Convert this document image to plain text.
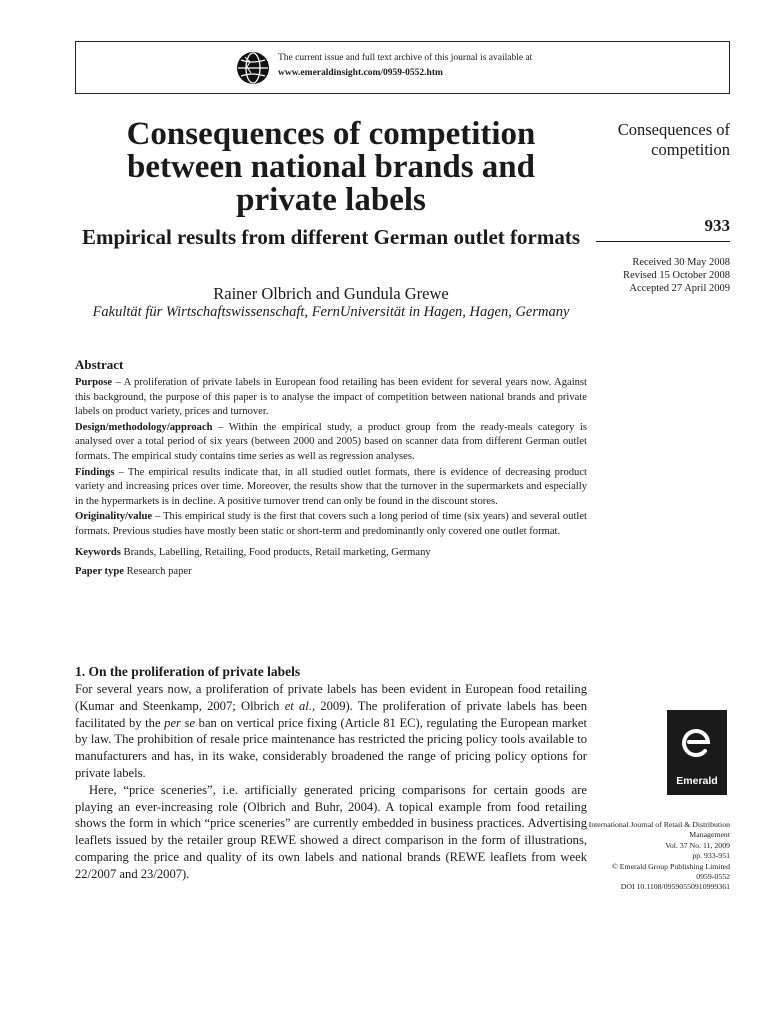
The current issue and full text archive of this journal is available at
www.emeraldinsight.com/0959-0552.htm
Consequences of competition between national brands and private labels
Empirical results from different German outlet formats
Rainer Olbrich and Gundula Grewe
Fakultät für Wirtschaftswissenschaft, FernUniversität in Hagen, Hagen, Germany
Consequences of competition
933
Received 30 May 2008
Revised 15 October 2008
Accepted 27 April 2009
Abstract

Purpose – A proliferation of private labels in European food retailing has been evident for several years now. Against this background, the purpose of this paper is to analyse the impact of competition between national brands and private labels on product variety, prices and turnover.

Design/methodology/approach – Within the empirical study, a product group from the ready-meals category is analysed over a total period of six years (between 2000 and 2005) based on scanner data from different German outlet formats. The empirical study contains time series as well as regression analyses.

Findings – The empirical results indicate that, in all studied outlet formats, there is evidence of decreasing product variety and increasing prices over time. Moreover, the results show that the turnover in the supermarkets and especially in the hypermarkets is in decline. A positive turnover trend can only be found in the discount stores.

Originality/value – This empirical study is the first that covers such a long period of time (six years) and several outlet formats. Previous studies have mostly been static or short-term and predominantly only covered one outlet format.

Keywords Brands, Labelling, Retailing, Food products, Retail marketing, Germany

Paper type Research paper

1. On the proliferation of private labels

For several years now, a proliferation of private labels has been evident in European food retailing (Kumar and Steenkamp, 2007; Olbrich et al., 2009). The proliferation of private labels has been facilitated by the per se ban on vertical price fixing (Article 81 EC), regulating the European market by law. The prohibition of resale price maintenance has restricted the pricing policy tools available to manufacturers and has, in its wake, considerably broadened the range of pricing policy options for private labels.

Here, “price sceneries”, i.e. artificially generated pricing comparisons for certain goods are playing an ever-increasing role (Olbrich and Buhr, 2004). A topical example from food retailing shows the form in which “price sceneries” are currently embedded in business practices. Advertising leaflets issued by the retailer group REWE showed a direct comparison in the form of illustrations, comparing the price and quality of its own labels and national brands (REWE leaflets from week 22/2007 and 23/2007).

Emerald
International Journal of Retail & Distribution Management
Vol. 37 No. 11, 2009
pp. 933-951
© Emerald Group Publishing Limited
0959-0552
DOI 10.1108/09590550910999361
